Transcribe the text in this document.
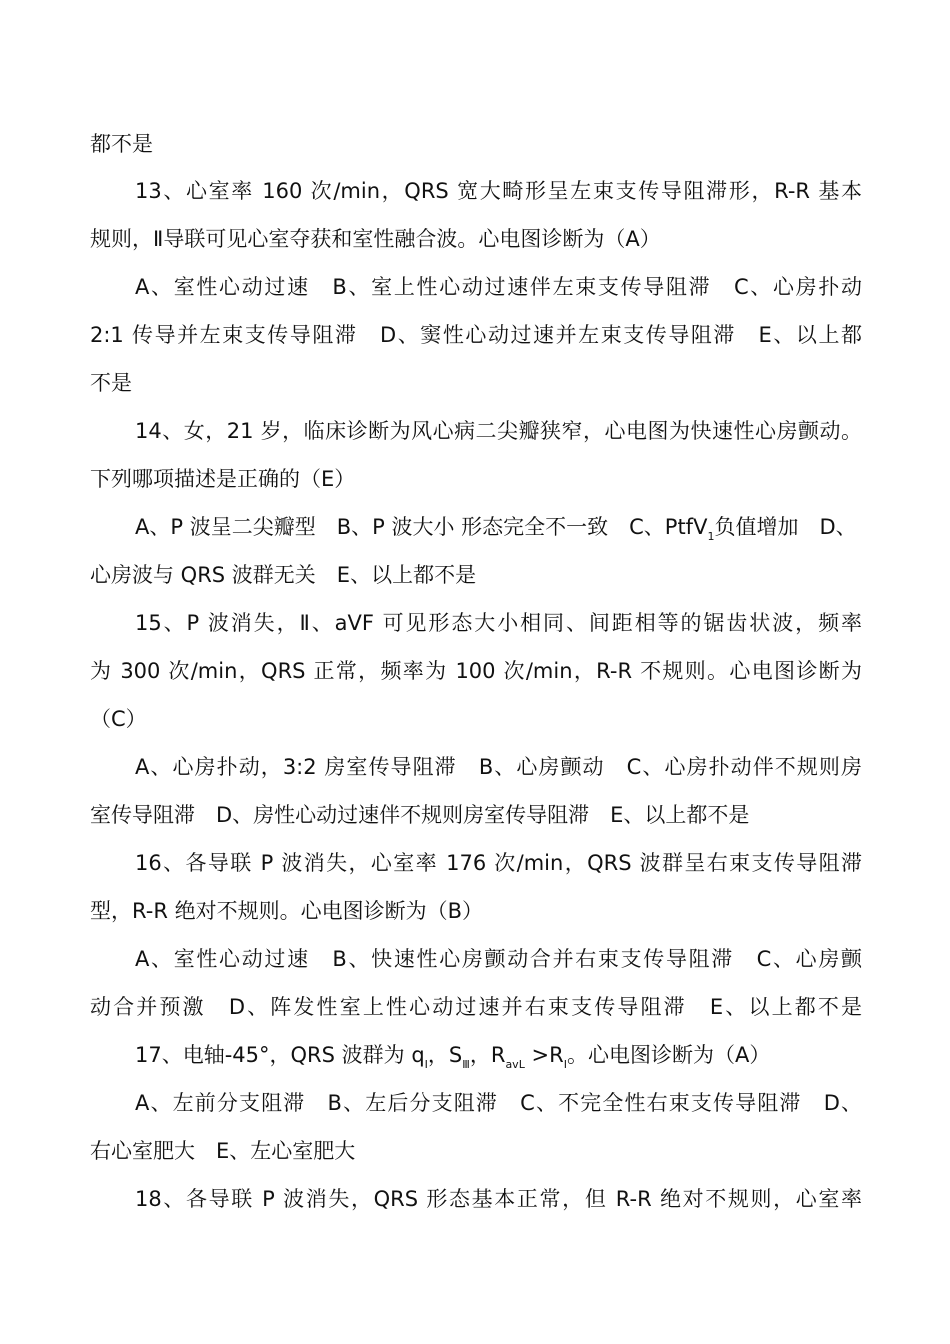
都不是
13、心室率 160 次/min，QRS 宽大畸形呈左束支传导阻滞形，R-R 基本
规则，Ⅱ导联可见心室夺获和室性融合波。心电图诊断为（A）
A、室性心动过速　B、室上性心动过速伴左束支传导阻滞　C、心房扑动
2:1 传导并左束支传导阻滞　D、窦性心动过速并左束支传导阻滞　E、以上都
不是
14、女，21 岁，临床诊断为风心病二尖瓣狭窄，心电图为快速性心房颤动。
下列哪项描述是正确的（E）
A、P 波呈二尖瓣型　B、P 波大小 形态完全不一致　C、PtfV$_1$负值增加　D、
心房波与 QRS 波群无关　E、以上都不是
15、P 波消失，Ⅱ、aVF 可见形态大小相同、间距相等的锯齿状波，频率
为 300 次/min，QRS 正常，频率为 100 次/min，R-R 不规则。心电图诊断为
（C）
A、心房扑动，3:2 房室传导阻滞　B、心房颤动　C、心房扑动伴不规则房
室传导阻滞　D、房性心动过速伴不规则房室传导阻滞　E、以上都不是
16、各导联 P 波消失，心室率 176 次/min，QRS 波群呈右束支传导阻滞
型，R-R 绝对不规则。心电图诊断为（B）
A、室性心动过速　B、快速性心房颤动合并右束支传导阻滞　C、心房颤
动合并预激　D、阵发性室上性心动过速并右束支传导阻滞　E、以上都不是
17、电轴-45°，QRS 波群为 $q_I$，$S_Ⅲ$，$R_{avL} >R_I$。心电图诊断为（A）
A、左前分支阻滞　B、左后分支阻滞　C、不完全性右束支传导阻滞　D、
右心室肥大　E、左心室肥大
18、各导联 P 波消失，QRS 形态基本正常，但 R-R 绝对不规则，心室率
